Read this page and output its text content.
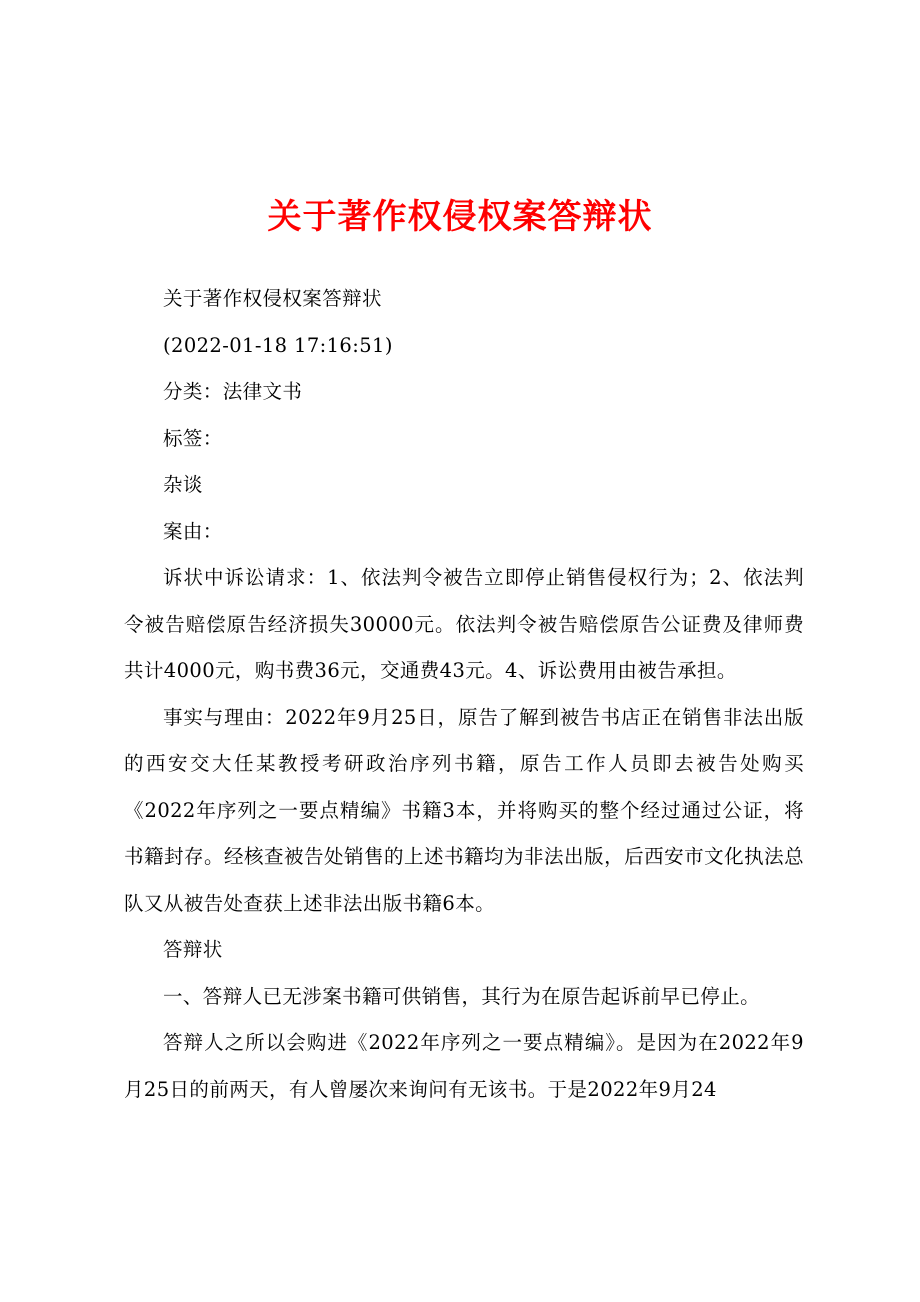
关于著作权侵权案答辩状

关于著作权侵权案答辩状

(2022-01-18 17:16:51)

分类：法律文书

标签：

杂谈

案由：

诉状中诉讼请求：1、依法判令被告立即停止销售侵权行为；2、依法判令被告赔偿原告经济损失30000元。依法判令被告赔偿原告公证费及律师费共计4000元，购书费36元，交通费43元。4、诉讼费用由被告承担。

事实与理由：2022年9月25日，原告了解到被告书店正在销售非法出版的西安交大任某教授考研政治序列书籍，原告工作人员即去被告处购买《2022年序列之一要点精编》书籍3本，并将购买的整个经过通过公证，将书籍封存。经核查被告处销售的上述书籍均为非法出版，后西安市文化执法总队又从被告处查获上述非法出版书籍6本。

答辩状

一、答辩人已无涉案书籍可供销售，其行为在原告起诉前早已停止。

答辩人之所以会购进《2022年序列之一要点精编》。是因为在2022年9月25日的前两天，有人曾屡次来询问有无该书。于是2022年9月24
